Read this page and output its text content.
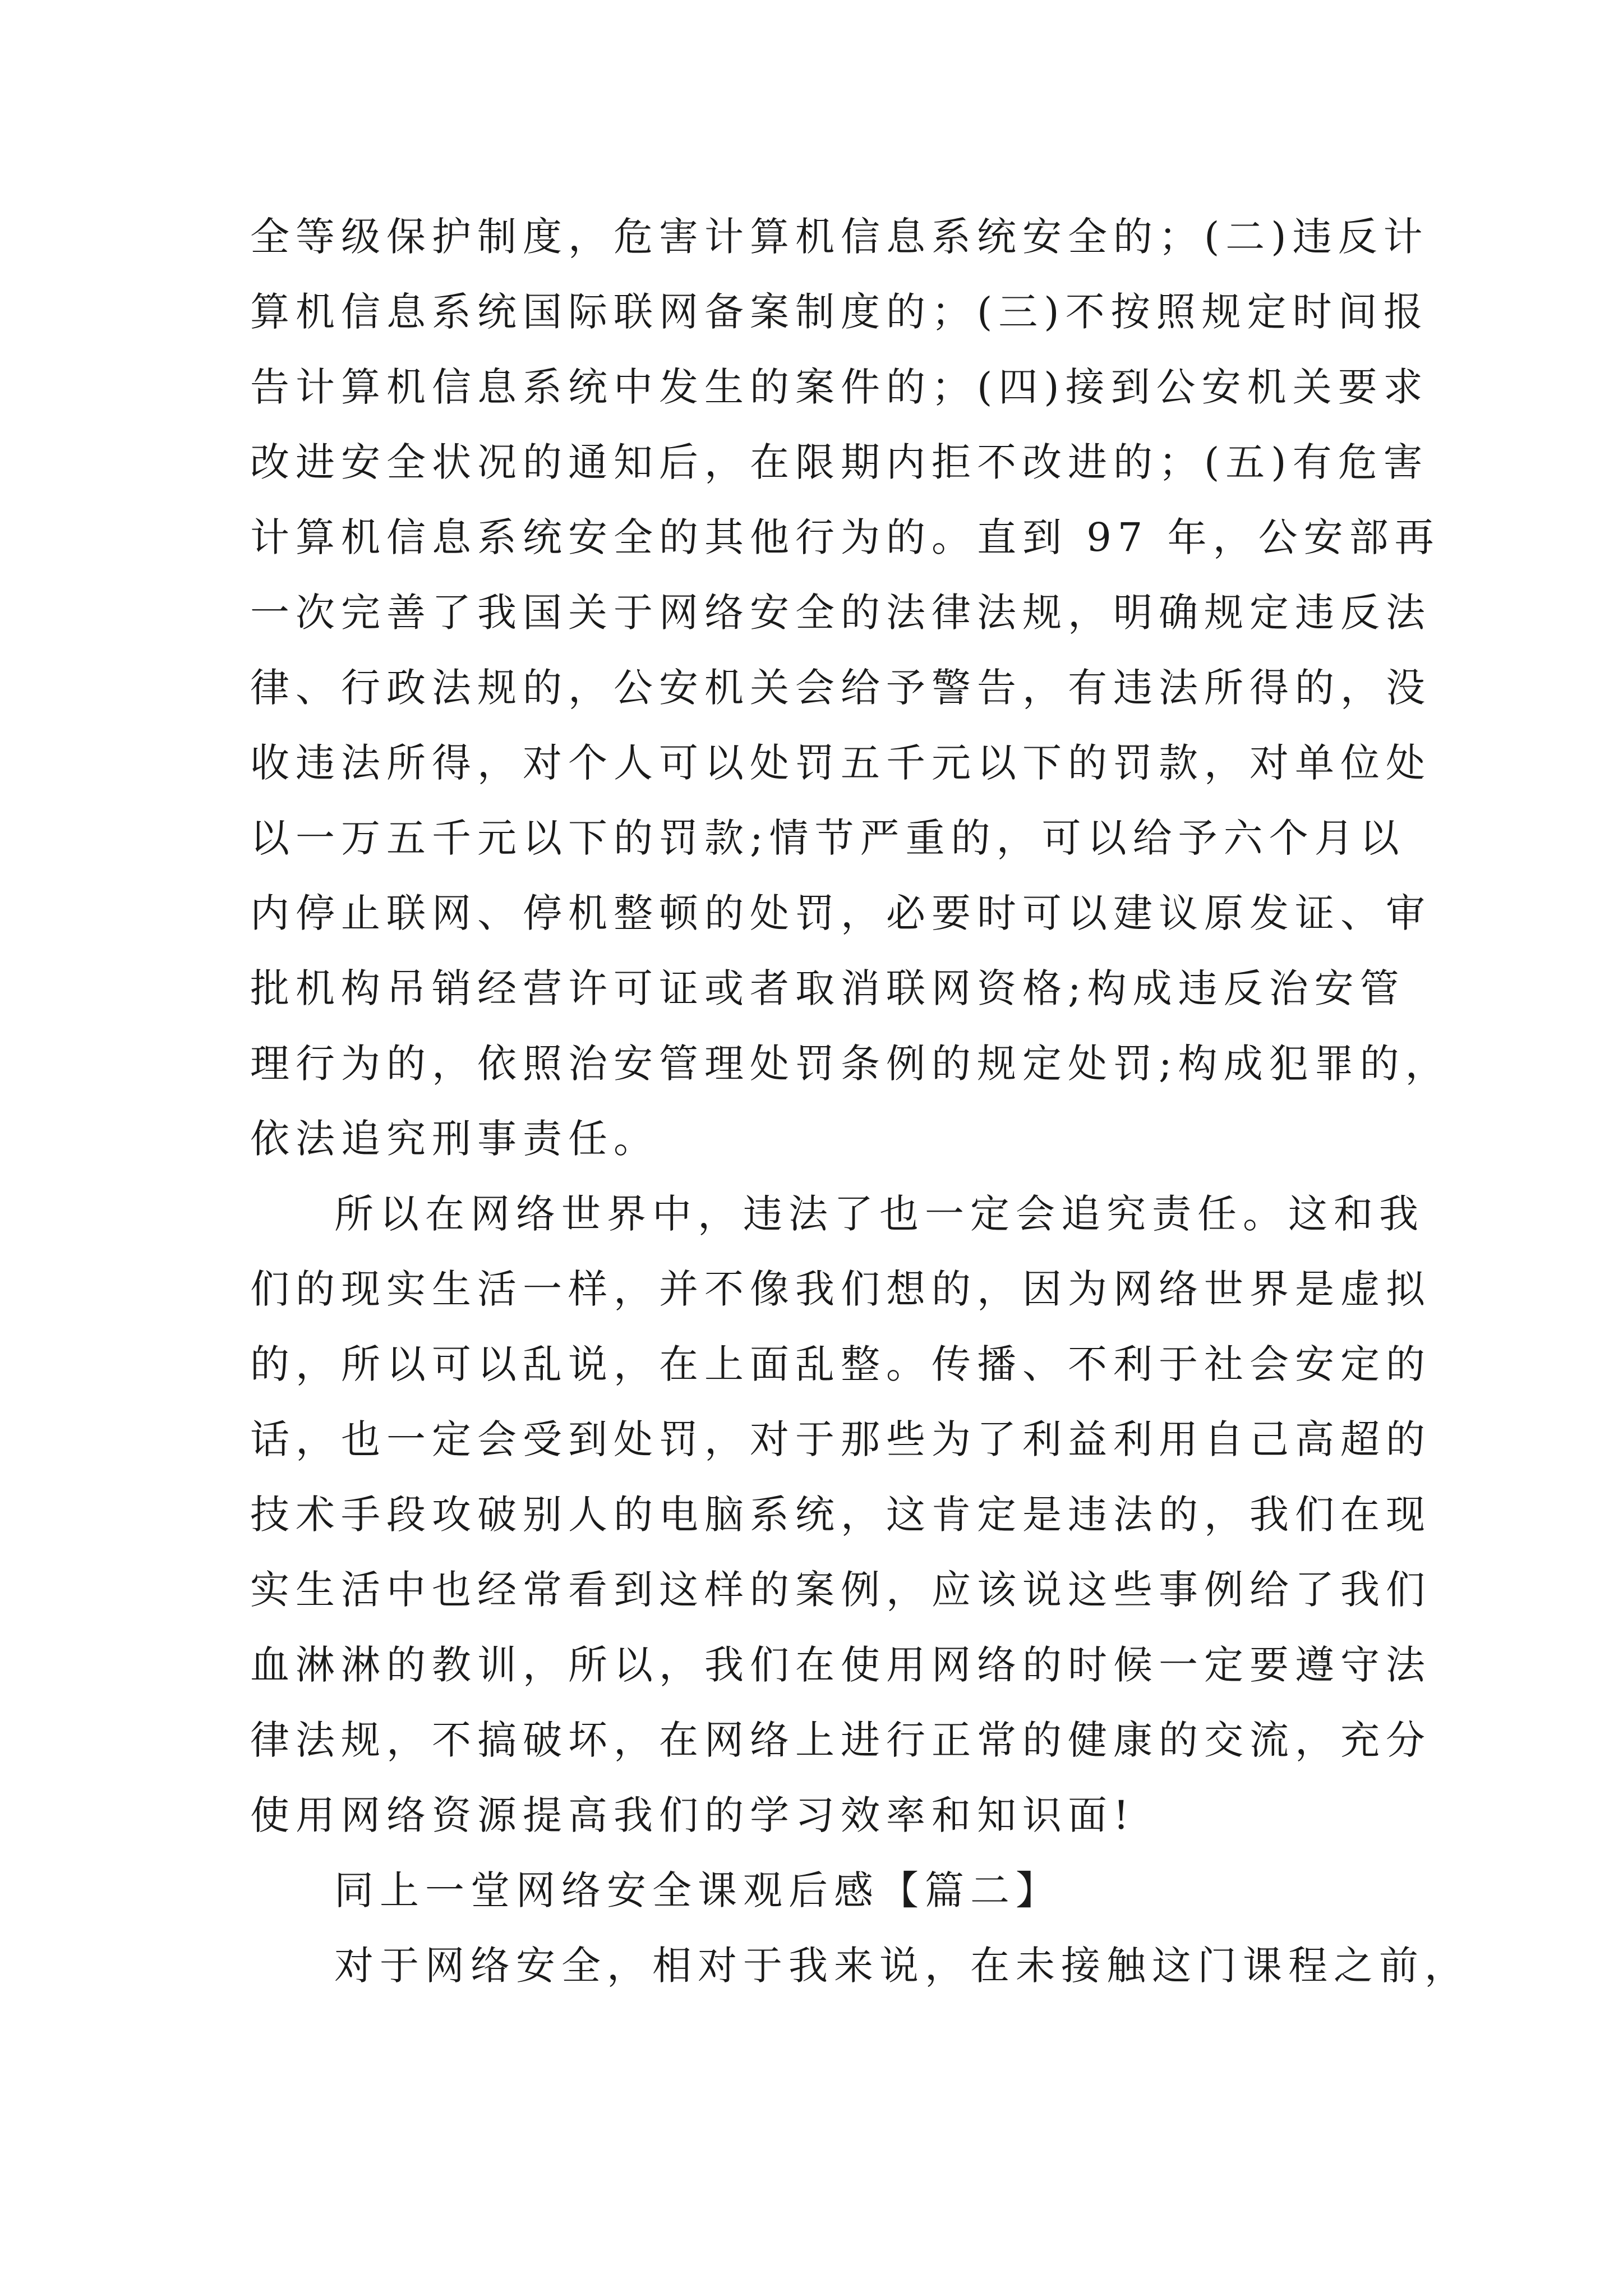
全等级保护制度，危害计算机信息系统安全的；(二)违反计
算机信息系统国际联网备案制度的；(三)不按照规定时间报
告计算机信息系统中发生的案件的；(四)接到公安机关要求
改进安全状况的通知后，在限期内拒不改进的；(五)有危害
计算机信息系统安全的其他行为的。直到 97 年，公安部再
一次完善了我国关于网络安全的法律法规，明确规定违反法
律、行政法规的，公安机关会给予警告，有违法所得的，没
收违法所得，对个人可以处罚五千元以下的罚款，对单位处
以一万五千元以下的罚款;情节严重的，可以给予六个月以
内停止联网、停机整顿的处罚，必要时可以建议原发证、审
批机构吊销经营许可证或者取消联网资格;构成违反治安管
理行为的，依照治安管理处罚条例的规定处罚;构成犯罪的，
依法追究刑事责任。
所以在网络世界中，违法了也一定会追究责任。这和我
们的现实生活一样，并不像我们想的，因为网络世界是虚拟
的，所以可以乱说，在上面乱整。传播、不利于社会安定的
话，也一定会受到处罚，对于那些为了利益利用自己高超的
技术手段攻破别人的电脑系统，这肯定是违法的，我们在现
实生活中也经常看到这样的案例，应该说这些事例给了我们
血淋淋的教训，所以，我们在使用网络的时候一定要遵守法
律法规，不搞破坏，在网络上进行正常的健康的交流，充分
使用网络资源提高我们的学习效率和知识面!
同上一堂网络安全课观后感【篇二】
对于网络安全，相对于我来说，在未接触这门课程之前，
